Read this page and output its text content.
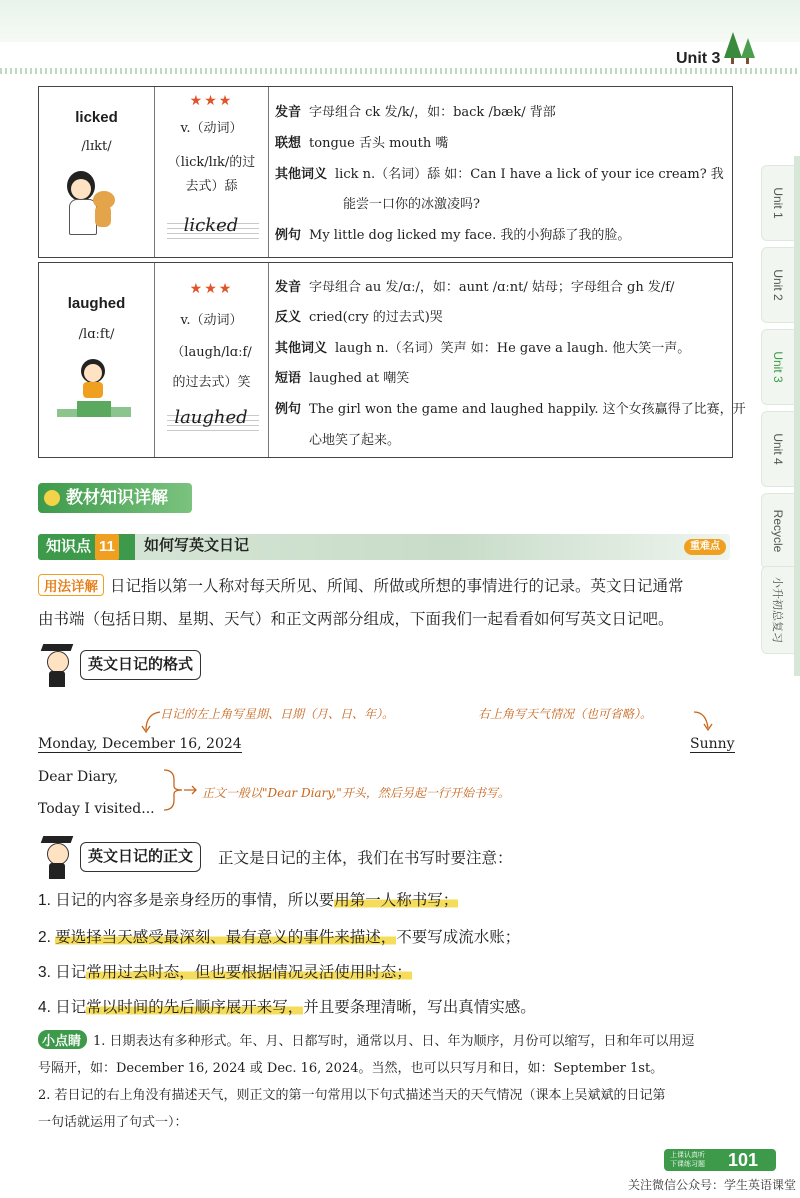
Unit 3
Unit 1
Unit 2
Unit 3
Unit 4
Recycle
小升初总复习
licked
/lɪkt/
★★★
v.（动词）
（lick/lɪk/的过
去式）舔
licked
发音 字母组合 ck 发/k/，如：back /bæk/ 背部
联想 tongue 舌头 mouth 嘴
其他词义 lick n.（名词）舔 如：Can I have a lick of your ice cream? 我
能尝一口你的冰激凌吗?
例句 My little dog licked my face. 我的小狗舔了我的脸。
laughed
/lɑːft/
★★★
v.（动词）
（laugh/lɑːf/
的过去式）笑
laughed
发音 字母组合 au 发/ɑː/，如：aunt /ɑːnt/ 姑母；字母组合 gh 发/f/
反义 cried(cry 的过去式)哭
其他词义 laugh n.（名词）笑声 如：He gave a laugh. 他大笑一声。
短语 laughed at 嘲笑
例句 The girl won the game and laughed happily. 这个女孩赢得了比赛，开
心地笑了起来。
教材知识详解
知识点 11	如何写英文日记	重难点
用法详解 日记指以第一人称对每天所见、所闻、所做或所想的事情进行的记录。英文日记通常
由书端（包括日期、星期、天气）和正文两部分组成，下面我们一起看看如何写英文日记吧。
英文日记的格式
日记的左上角写星期、日期（月、日、年）。	右上角写天气情况（也可省略）。
Monday, December 16, 2024	Sunny
Dear Diary,
Today I visited...
正文一般以"Dear Diary,"开头，然后另起一行开始书写。
英文日记的正文	正文是日记的主体，我们在书写时要注意：
1. 日记的内容多是亲身经历的事情，所以要用第一人称书写；
2. 要选择当天感受最深刻、最有意义的事件来描述，不要写成流水账；
3. 日记常用过去时态，但也要根据情况灵活使用时态；
4. 日记常以时间的先后顺序展开来写，并且要条理清晰，写出真情实感。
小点睛 1. 日期表达有多种形式。年、月、日都写时，通常以月、日、年为顺序，月份可以缩写，日和年可以用逗
号隔开，如：December 16, 2024 或 Dec. 16, 2024。当然，也可以只写月和日，如：September 1st。
2. 若日记的右上角没有描述天气，则正文的第一句常用以下句式描述当天的天气情况（课本上吴斌斌的日记第
一句话就运用了句式一）：
上课认真听
下课练习题 101
关注微信公众号：学生英语课堂
